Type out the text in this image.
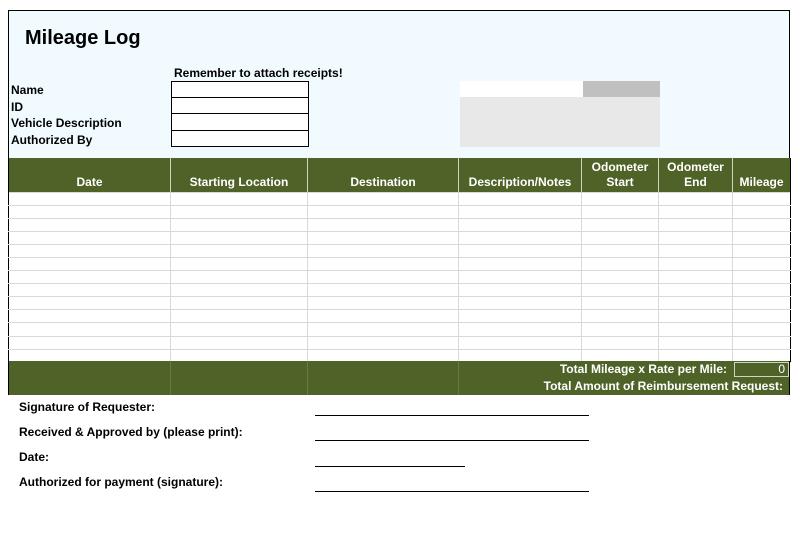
Mileage Log
Remember to attach receipts!
Name
ID
Vehicle Description
Authorized By
Date	Starting Location	Destination	Description/Notes	Odometer Start	Odometer End	Mileage

Total Mileage x Rate per Mile:	0
Total Amount of Reimbursement Request:
Signature of Requester:
Received & Approved by (please print):
Date:
Authorized for payment (signature):
